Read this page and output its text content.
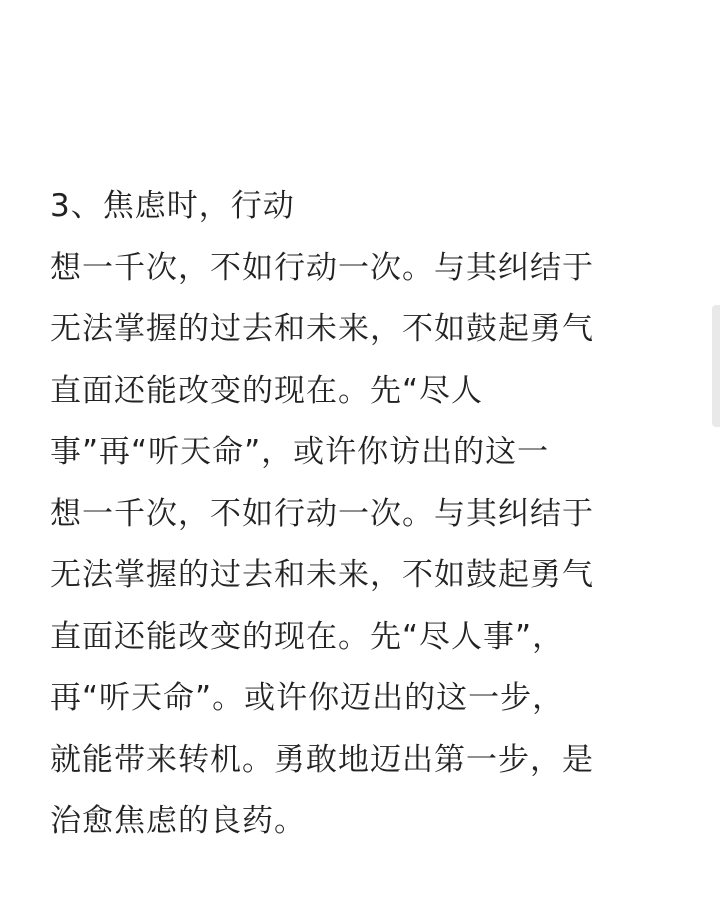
3、焦虑时，行动

想一千次，不如行动一次。与其纠结于

无法掌握的过去和未来，不如鼓起勇气

直面还能改变的现在。先“尽人

事”再“听天命”，或许你访出的这一

想一千次，不如行动一次。与其纠结于

无法掌握的过去和未来，不如鼓起勇气

直面还能改变的现在。先“尽人事”，

再“听天命”。或许你迈出的这一步，

就能带来转机。勇敢地迈出第一步，是

治愈焦虑的良药。
